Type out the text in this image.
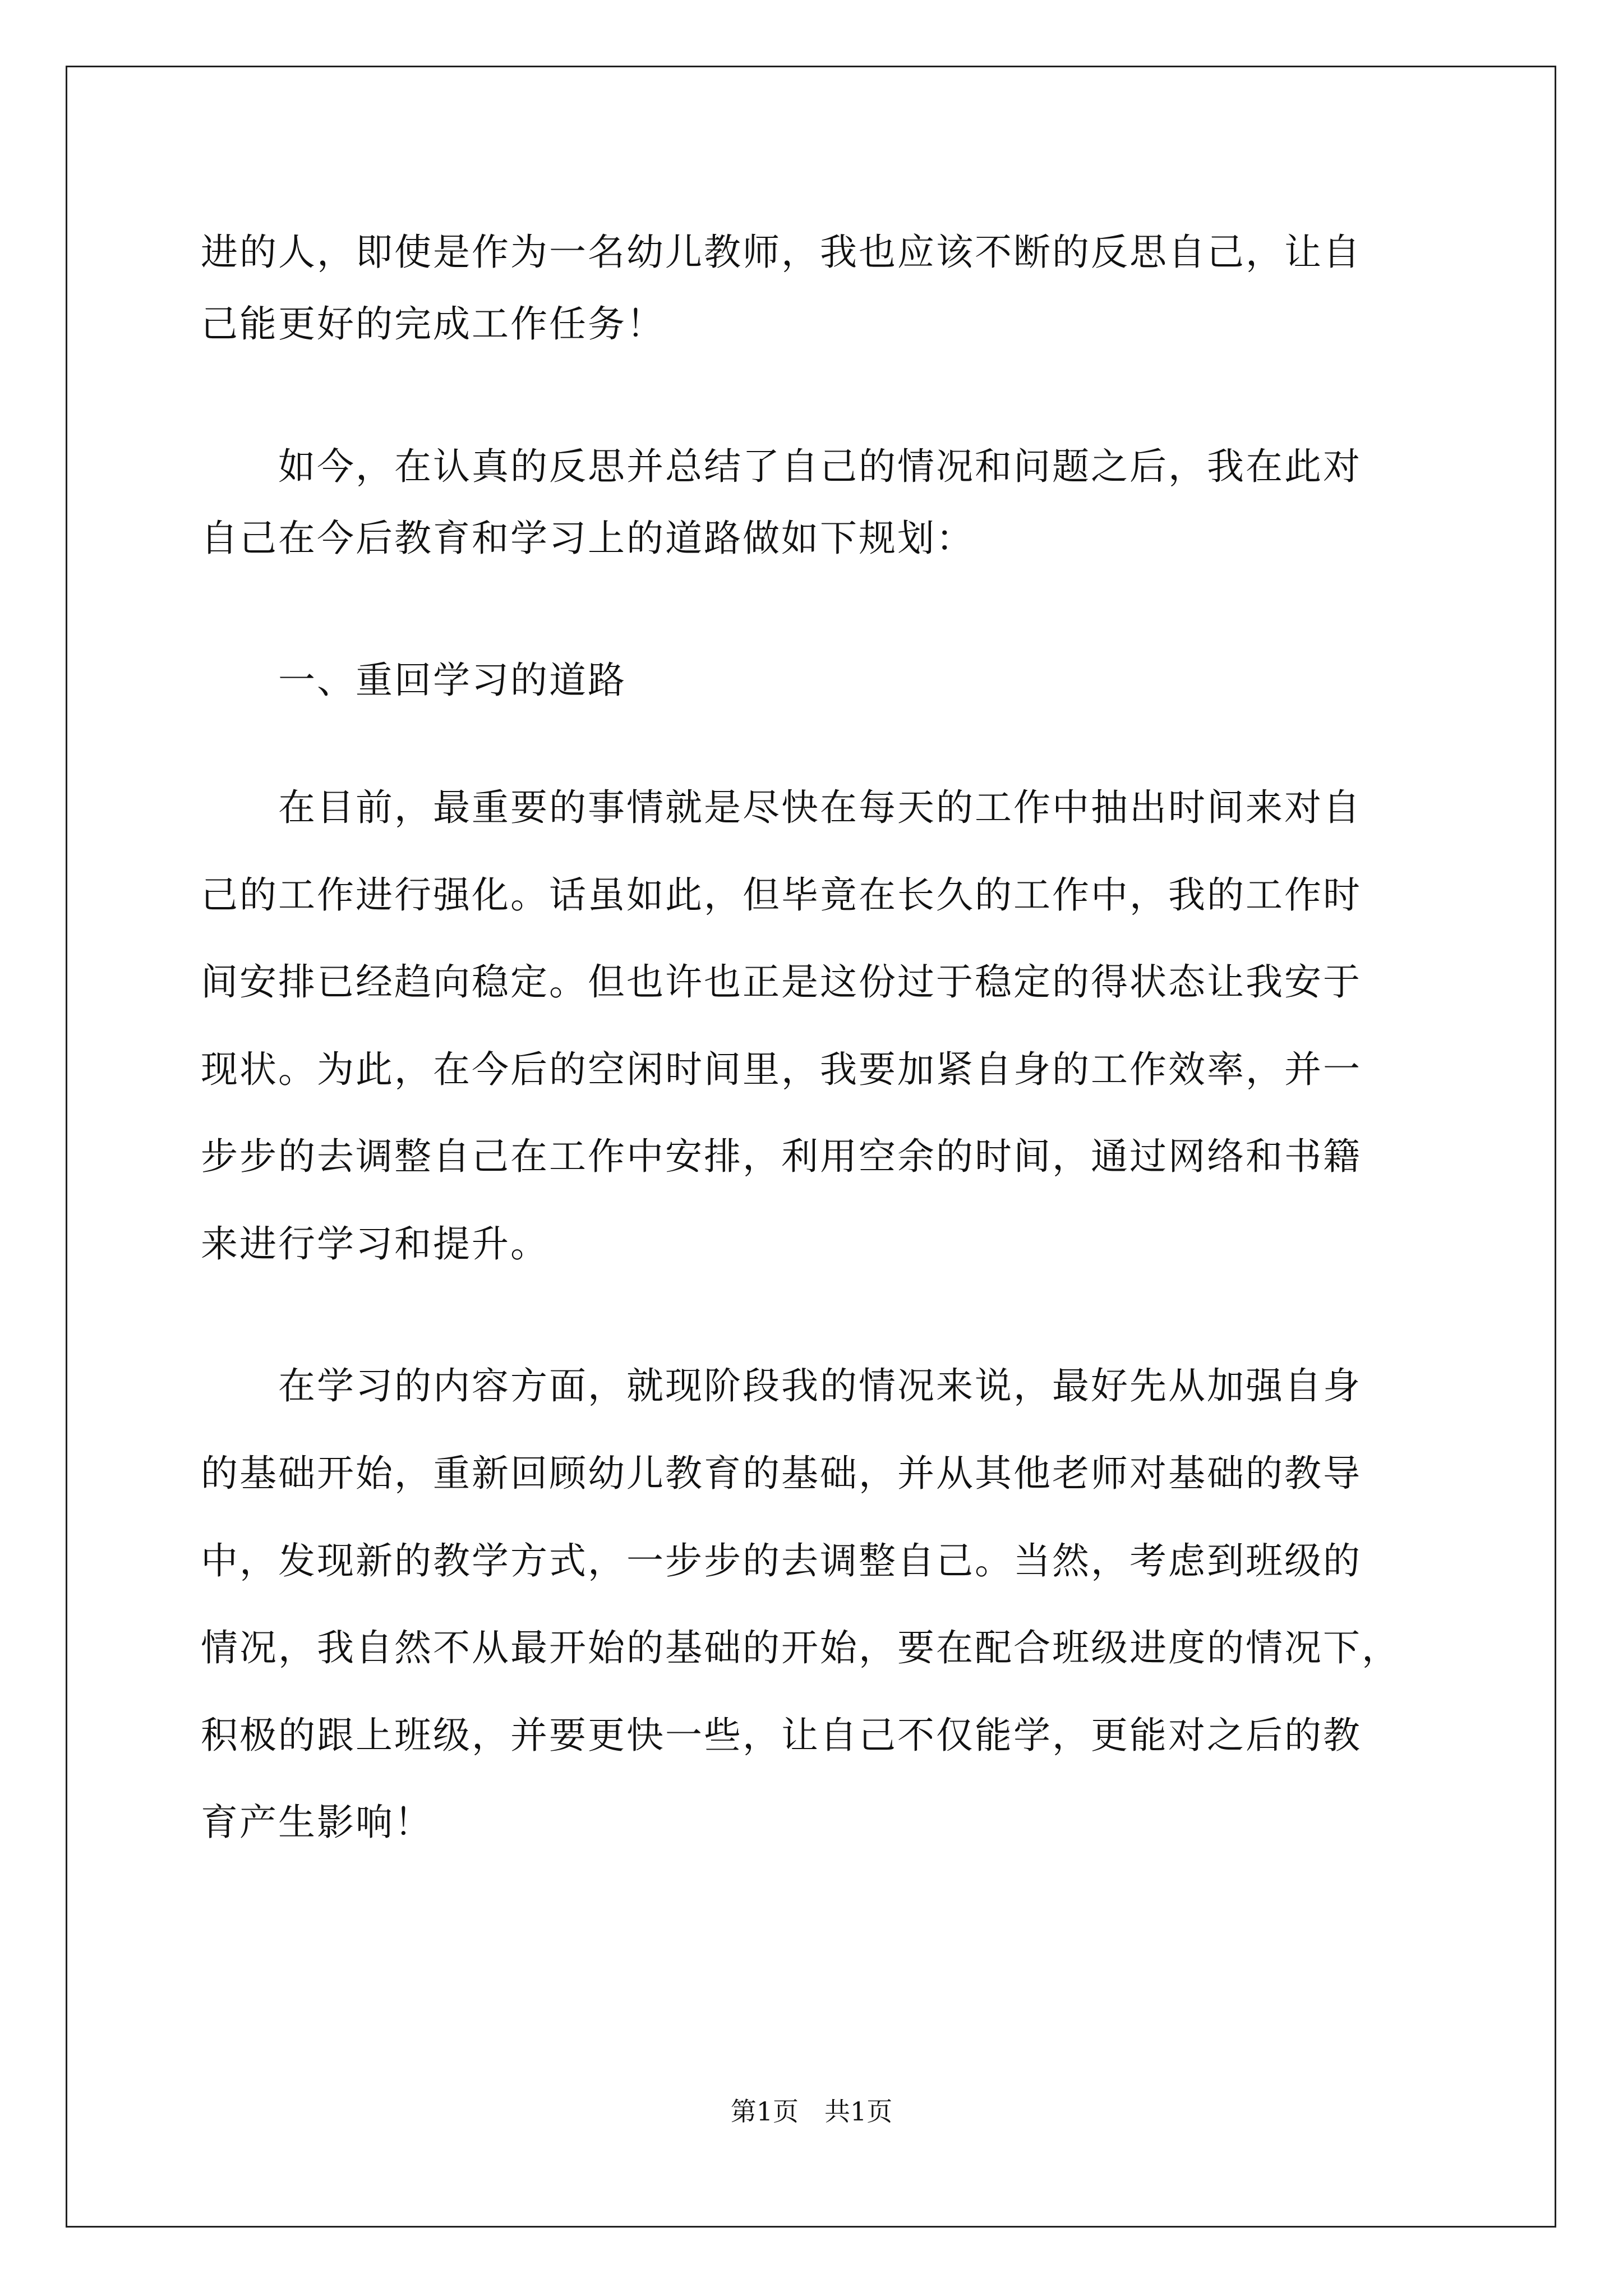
进的人，即使是作为一名幼儿教师，我也应该不断的反思自己，让自
己能更好的完成工作任务！
　　如今，在认真的反思并总结了自己的情况和问题之后，我在此对
自己在今后教育和学习上的道路做如下规划：
　　一、重回学习的道路
　　在目前，最重要的事情就是尽快在每天的工作中抽出时间来对自
己的工作进行强化。话虽如此，但毕竟在长久的工作中，我的工作时
间安排已经趋向稳定。但也许也正是这份过于稳定的得状态让我安于
现状。为此，在今后的空闲时间里，我要加紧自身的工作效率，并一
步步的去调整自己在工作中安排，利用空余的时间，通过网络和书籍
来进行学习和提升。
　　在学习的内容方面，就现阶段我的情况来说，最好先从加强自身
的基础开始，重新回顾幼儿教育的基础，并从其他老师对基础的教导
中，发现新的教学方式，一步步的去调整自己。当然，考虑到班级的
情况，我自然不从最开始的基础的开始，要在配合班级进度的情况下，
积极的跟上班级，并要更快一些，让自己不仅能学，更能对之后的教
育产生影响！
第1页　共1页
